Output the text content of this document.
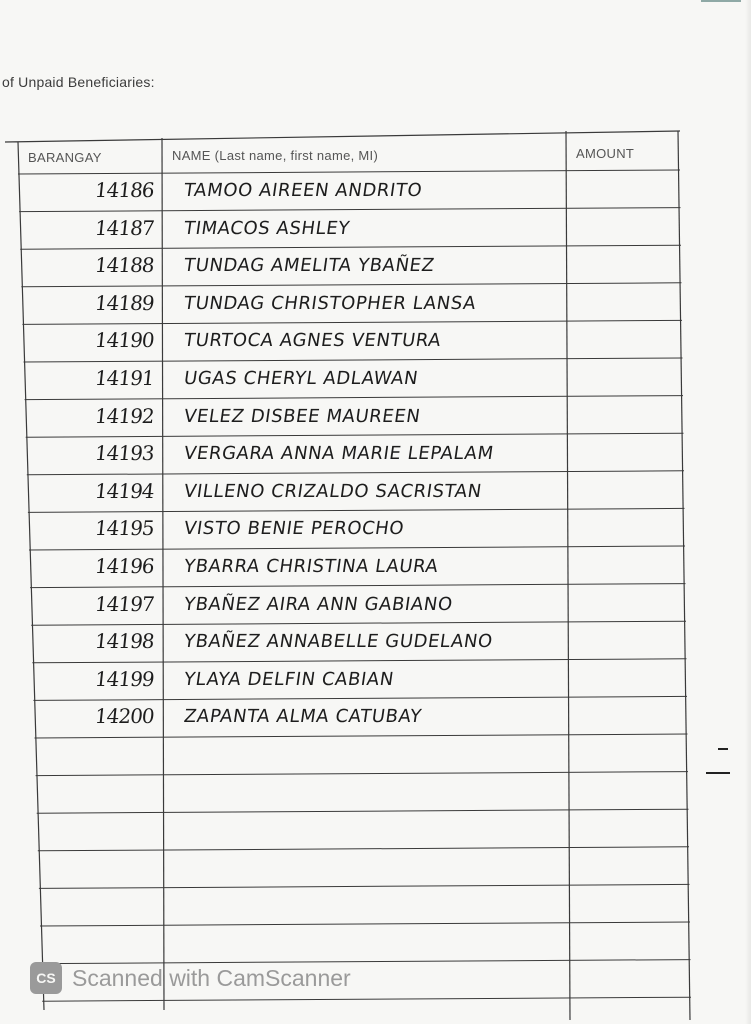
of Unpaid Beneficiaries:
BARANGAY	NAME (Last name, first name, MI)	AMOUNT
14186	TAMOO AIREEN ANDRITO
14187	TIMACOS ASHLEY
14188	TUNDAG AMELITA YBAÑEZ
14189	TUNDAG CHRISTOPHER LANSA
14190	TURTOCA AGNES VENTURA
14191	UGAS CHERYL ADLAWAN
14192	VELEZ DISBEE MAUREEN
14193	VERGARA ANNA MARIE LEPALAM
14194	VILLENO CRIZALDO SACRISTAN
14195	VISTO BENIE PEROCHO
14196	YBARRA CHRISTINA LAURA
14197	YBAÑEZ AIRA ANN GABIANO
14198	YBAÑEZ ANNABELLE GUDELANO
14199	YLAYA DELFIN CABIAN
14200	ZAPANTA ALMA CATUBAY
CS Scanned with CamScanner
